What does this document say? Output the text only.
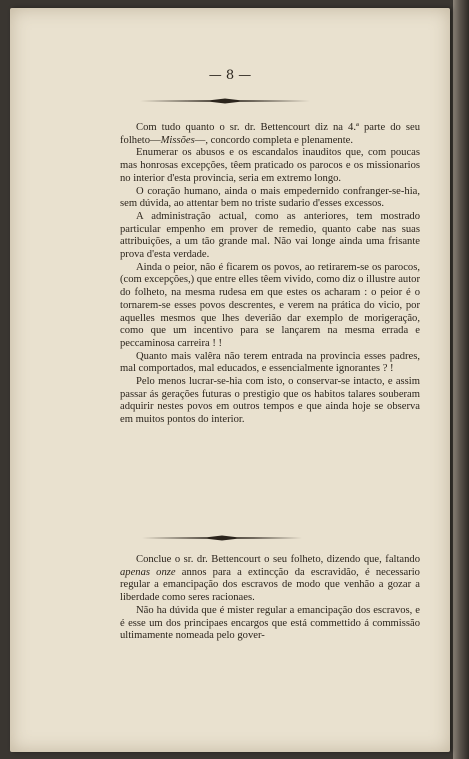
— 8 —

Com tudo quanto o sr. dr. Bettencourt diz na 4.ª parte do seu folheto—Missões—, concordo completa e plenamente.

Enumerar os abusos e os escandalos inauditos que, com poucas mas honrosas excepções, têem praticado os parocos e os missionarios no interior d'esta provincia, seria em extremo longo.

O coração humano, ainda o mais empedernido confranger-se-hia, sem dúvida, ao attentar bem no triste sudario d'esses excessos.

A administração actual, como as anteriores, tem mostrado particular empenho em prover de remedio, quanto cabe nas suas attribuições, a um tão grande mal. Não vai longe ainda uma frisante prova d'esta verdade.

Ainda o peior, não é ficarem os povos, ao retirarem-se os parocos, (com excepções,) que entre elles têem vivido, como diz o illustre autor do folheto, na mesma rudesa em que estes os acharam : o peior é o tornarem-se esses povos descrentes, e verem na prática do vicio, por aquelles mesmos que lhes deverião dar exemplo de morigeração, como que um incentivo para se lançarem na mesma errada e peccaminosa carreira ! !

Quanto mais valêra não terem entrada na provincia esses padres, mal comportados, mal educados, e essencialmente ignorantes ? !

Pelo menos lucrar-se-hia com isto, o conservar-se intacto, e assim passar ás gerações futuras o prestigio que os habitos talares souberam adquirir nestes povos em outros tempos e que ainda hoje se observa em muitos pontos do interior.

Conclue o sr. dr. Bettencourt o seu folheto, dizendo que, faltando apenas onze annos para a extincção da escravidão, é necessario regular a emancipação dos escravos de modo que venhão a gozar a liberdade como seres racionaes.

Não ha dúvida que é mister regular a emancipação dos escravos, e é esse um dos principaes encargos que está commettido á commissão ultimamente nomeada pelo gover-
